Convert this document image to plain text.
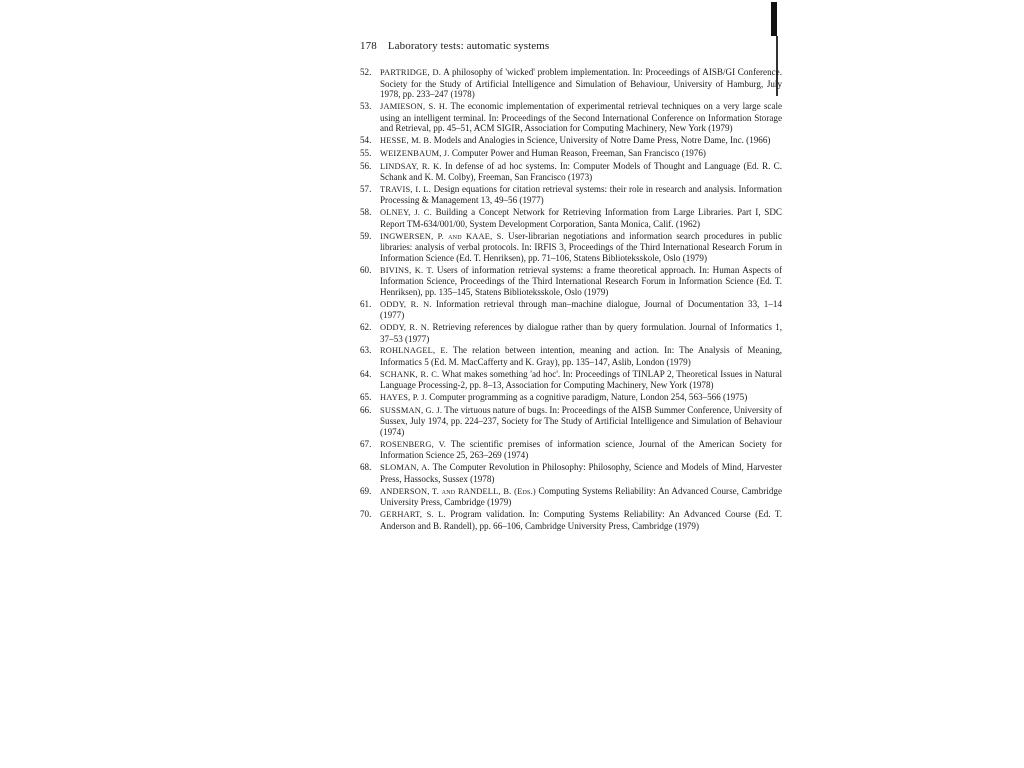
178 Laboratory tests: automatic systems
52.	PARTRIDGE, D. A philosophy of 'wicked' problem implementation. In: Proceedings of AISB/GI Conference. Society for the Study of Artificial Intelligence and Simulation of Behaviour, University of Hamburg, July 1978, pp. 233–247 (1978)
53.	JAMIESON, S. H. The economic implementation of experimental retrieval techniques on a very large scale using an intelligent terminal. In: Proceedings of the Second International Conference on Information Storage and Retrieval, pp. 45–51, ACM SIGIR, Association for Computing Machinery, New York (1979)
54.	HESSE, M. B. Models and Analogies in Science, University of Notre Dame Press, Notre Dame, Inc. (1966)
55.	WEIZENBAUM, J. Computer Power and Human Reason, Freeman, San Francisco (1976)
56.	LINDSAY, R. K. In defense of ad hoc systems. In: Computer Models of Thought and Language (Ed. R. C. Schank and K. M. Colby), Freeman, San Francisco (1973)
57.	TRAVIS, I. L. Design equations for citation retrieval systems: their role in research and analysis. Information Processing & Management 13, 49–56 (1977)
58.	OLNEY, J. C. Building a Concept Network for Retrieving Information from Large Libraries. Part I, SDC Report TM-634/001/00, System Development Corporation, Santa Monica, Calif. (1962)
59.	INGWERSEN, P. and KAAE, S. User-librarian negotiations and information search procedures in public libraries: analysis of verbal protocols. In: IRFIS 3, Proceedings of the Third International Research Forum in Information Science (Ed. T. Henriksen), pp. 71–106, Statens Biblioteksskole, Oslo (1979)
60.	BIVINS, K. T. Users of information retrieval systems: a frame theoretical approach. In: Human Aspects of Information Science, Proceedings of the Third International Research Forum in Information Science (Ed. T. Henriksen), pp. 135–145, Statens Biblioteksskole, Oslo (1979)
61.	ODDY, R. N. Information retrieval through man–machine dialogue, Journal of Documentation 33, 1–14 (1977)
62.	ODDY, R. N. Retrieving references by dialogue rather than by query formulation. Journal of Informatics 1, 37–53 (1977)
63.	ROHLNAGEL, E. The relation between intention, meaning and action. In: The Analysis of Meaning, Informatics 5 (Ed. M. MacCafferty and K. Gray), pp. 135–147, Aslib, London (1979)
64.	SCHANK, R. C. What makes something 'ad hoc'. In: Proceedings of TINLAP 2, Theoretical Issues in Natural Language Processing-2, pp. 8–13, Association for Computing Machinery, New York (1978)
65.	HAYES, P. J. Computer programming as a cognitive paradigm, Nature, London 254, 563–566 (1975)
66.	SUSSMAN, G. J. The virtuous nature of bugs. In: Proceedings of the AISB Summer Conference, University of Sussex, July 1974, pp. 224–237, Society for The Study of Artificial Intelligence and Simulation of Behaviour (1974)
67.	ROSENBERG, V. The scientific premises of information science, Journal of the American Society for Information Science 25, 263–269 (1974)
68.	SLOMAN, A. The Computer Revolution in Philosophy: Philosophy, Science and Models of Mind, Harvester Press, Hassocks, Sussex (1978)
69.	ANDERSON, T. and RANDELL, B. (Eds.) Computing Systems Reliability: An Advanced Course, Cambridge University Press, Cambridge (1979)
70.	GERHART, S. L. Program validation. In: Computing Systems Reliability: An Advanced Course (Ed. T. Anderson and B. Randell), pp. 66–106, Cambridge University Press, Cambridge (1979)
